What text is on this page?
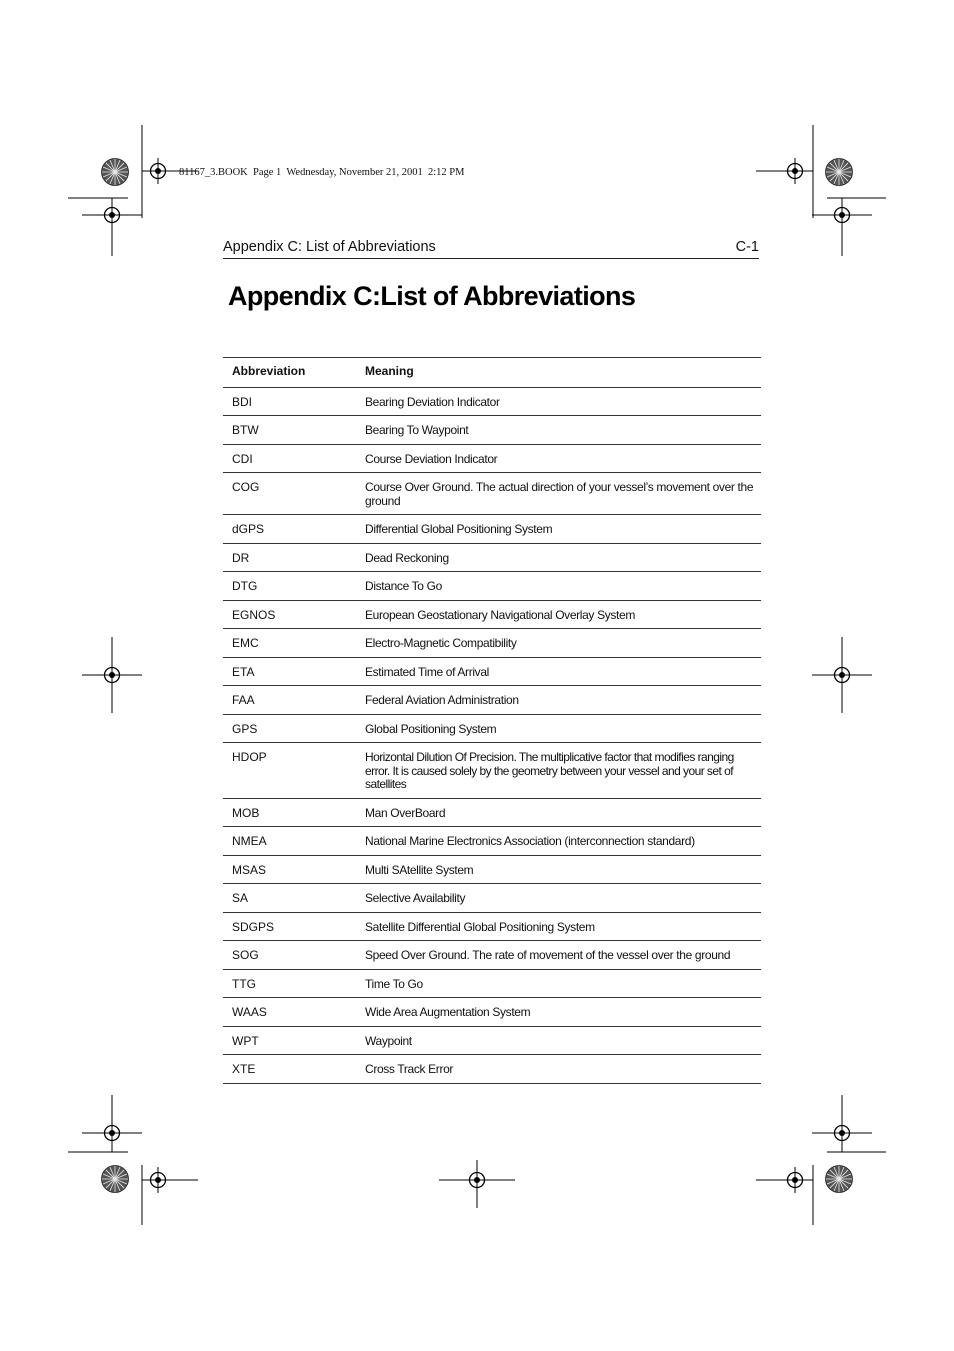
81167_3.BOOK  Page 1  Wednesday, November 21, 2001  2:12 PM
Appendix C: List of Abbreviations	C-1
Appendix C:List of Abbreviations
Abbreviation	Meaning
BDI	Bearing Deviation Indicator
BTW	Bearing To Waypoint
CDI	Course Deviation Indicator
COG	Course Over Ground. The actual direction of your vessel’s movement over the ground
dGPS	Differential Global Positioning System
DR	Dead Reckoning
DTG	Distance To Go
EGNOS	European Geostationary Navigational Overlay System
EMC	Electro-Magnetic Compatibility
ETA	Estimated Time of Arrival
FAA	Federal Aviation Administration
GPS	Global Positioning System
HDOP	Horizontal Dilution Of Precision. The multiplicative factor that modifies ranging error. It is caused solely by the geometry between your vessel and your set of satellites
MOB	Man OverBoard
NMEA	National Marine Electronics Association (interconnection standard)
MSAS	Multi SAtellite System
SA	Selective Availability
SDGPS	Satellite Differential Global Positioning System
SOG	Speed Over Ground. The rate of movement of the vessel over the ground
TTG	Time To Go
WAAS	Wide Area Augmentation System
WPT	Waypoint
XTE	Cross Track Error
